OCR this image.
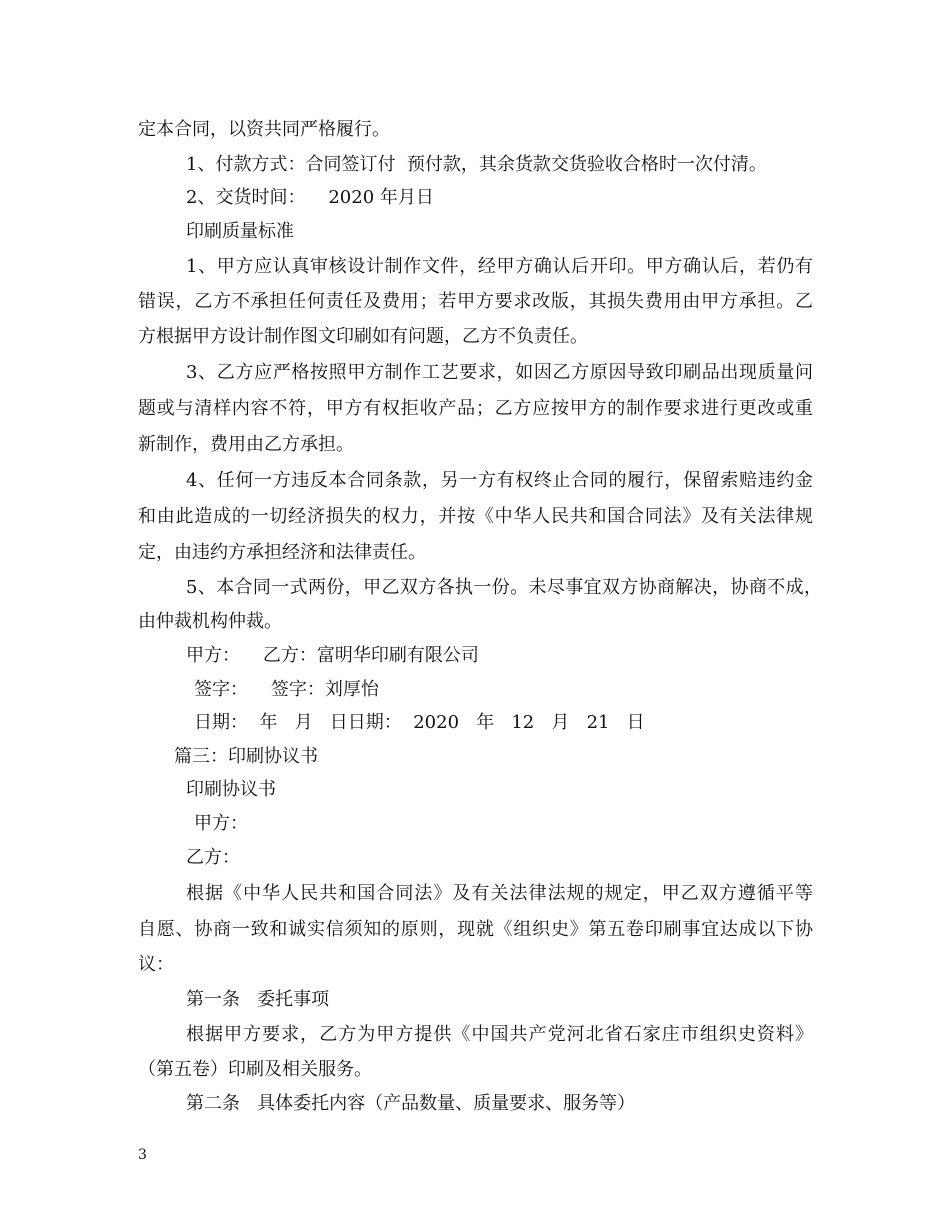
定本合同，以资共同严格履行。
1、付款方式：合同签订付  预付款，其余货款交货验收合格时一次付清。
2、交货时间：    2020 年月日
印刷质量标准
1、甲方应认真审核设计制作文件，经甲方确认后开印。甲方确认后，若仍有
错误，乙方不承担任何责任及费用；若甲方要求改版，其损失费用由甲方承担。乙
方根据甲方设计制作图文印刷如有问题，乙方不负责任。
3、乙方应严格按照甲方制作工艺要求，如因乙方原因导致印刷品出现质量问
题或与清样内容不符，甲方有权拒收产品；乙方应按甲方的制作要求进行更改或重
新制作，费用由乙方承担。
4、任何一方违反本合同条款，另一方有权终止合同的履行，保留索赔违约金
和由此造成的一切经济损失的权力，并按《中华人民共和国合同法》及有关法律规
定，由违约方承担经济和法律责任。
5、本合同一式两份，甲乙双方各执一份。未尽事宜双方协商解决，协商不成，
由仲裁机构仲裁。
甲方：    乙方：富明华印刷有限公司
签字：    签字：刘厚怡
日期：  年   月   日日期：  2020   年   12   月   21   日
篇三：印刷协议书
印刷协议书
甲方：
乙方：
根据《中华人民共和国合同法》及有关法律法规的规定，甲乙双方遵循平等
自愿、协商一致和诚实信须知的原则，现就《组织史》第五卷印刷事宜达成以下协
议：
第一条   委托事项
根据甲方要求，乙方为甲方提供《中国共产党河北省石家庄市组织史资料》
（第五卷）印刷及相关服务。
第二条   具体委托内容（产品数量、质量要求、服务等）
3
